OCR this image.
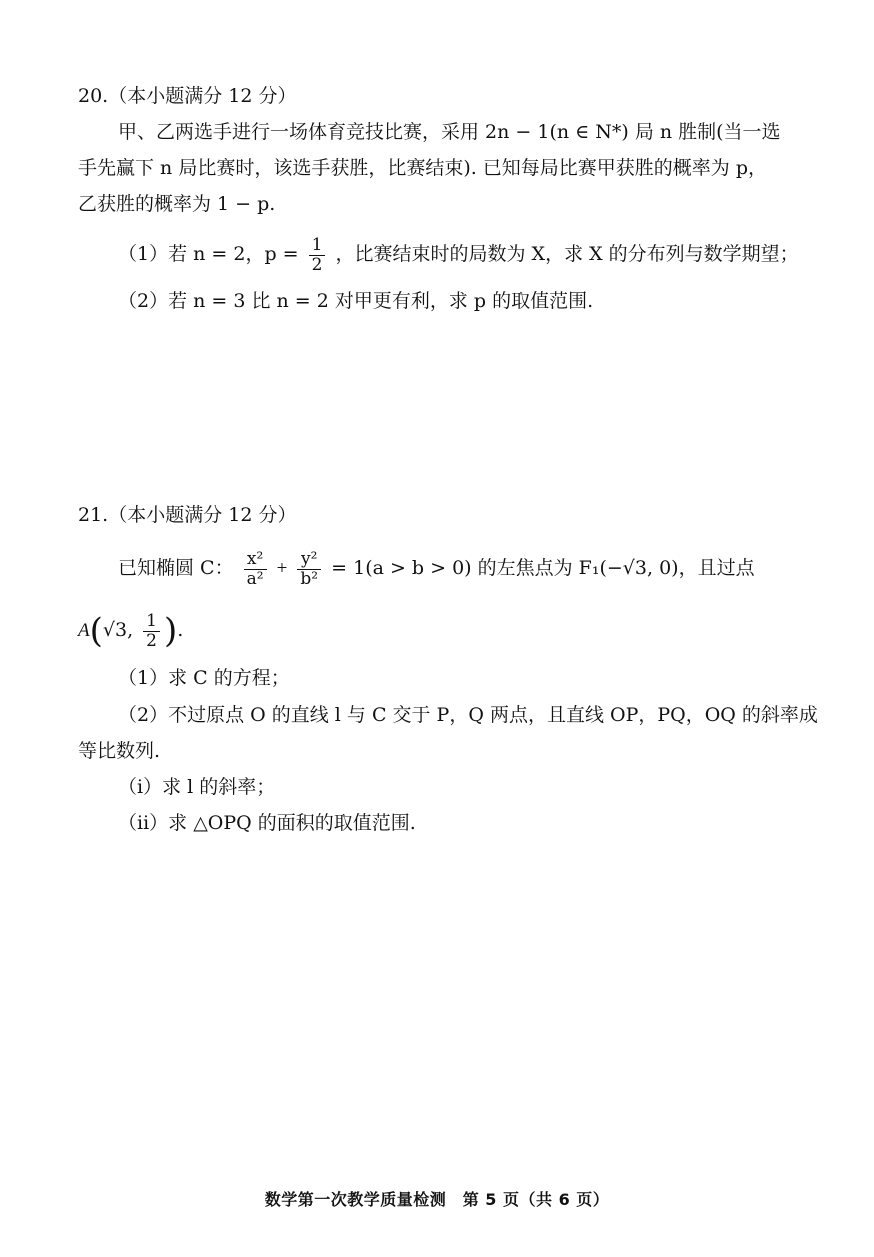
20.（本小题满分 12 分）
甲、乙两选手进行一场体育竞技比赛，采用 2n − 1(n ∈ N*) 局 n 胜制(当一选
手先赢下 n 局比赛时，该选手获胜，比赛结束). 已知每局比赛甲获胜的概率为 p，
乙获胜的概率为 1 − p.
（1）若 n = 2，$p = \frac{1}{2}$ ，比赛结束时的局数为 X，求 X 的分布列与数学期望；
（2）若 n = 3 比 n = 2 对甲更有利，求 p 的取值范围.
21.（本小题满分 12 分）
已知椭圆 C： $\frac{\text{x²}}{\text{a²}} + \frac{\text{y²}}{\text{b²}} = 1(a > b > 0)$ 的左焦点为 F₁(−√3, 0)，且过点
A(√3, $\frac{1}{2}$ ).
（1）求 C 的方程；
（2）不过原点 O 的直线 l 与 C 交于 P，Q 两点，且直线 OP，PQ，OQ 的斜率成
等比数列.
（ⅰ）求 l 的斜率；
（ⅱ）求 △OPQ 的面积的取值范围.
数学第一次教学质量检测　第 5 页（共 6 页）
